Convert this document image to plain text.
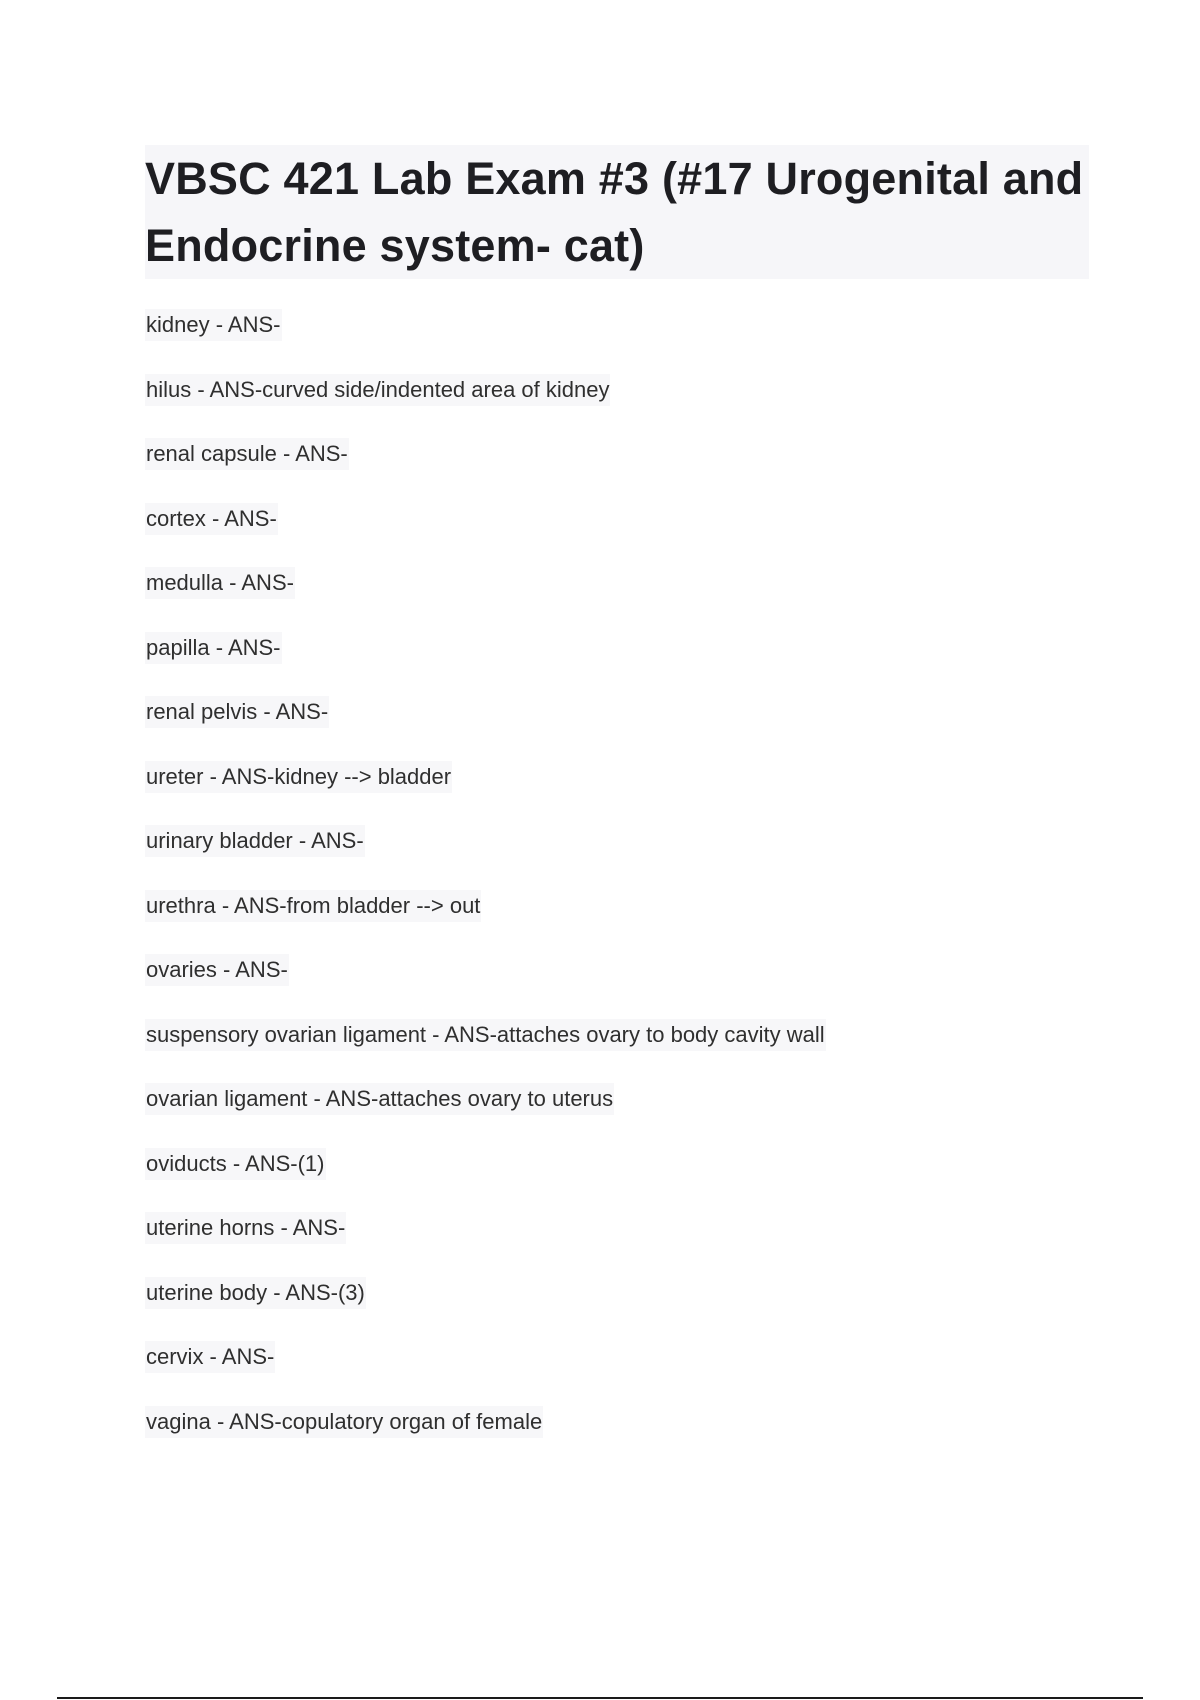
VBSC 421 Lab Exam #3 (#17 Urogenital and Endocrine system- cat)
kidney - ANS-
hilus - ANS-curved side/indented area of kidney
renal capsule - ANS-
cortex - ANS-
medulla - ANS-
papilla - ANS-
renal pelvis - ANS-
ureter - ANS-kidney --> bladder
urinary bladder - ANS-
urethra - ANS-from bladder --> out
ovaries - ANS-
suspensory ovarian ligament - ANS-attaches ovary to body cavity wall
ovarian ligament - ANS-attaches ovary to uterus
oviducts - ANS-(1)
uterine horns - ANS-
uterine body - ANS-(3)
cervix - ANS-
vagina - ANS-copulatory organ of female
